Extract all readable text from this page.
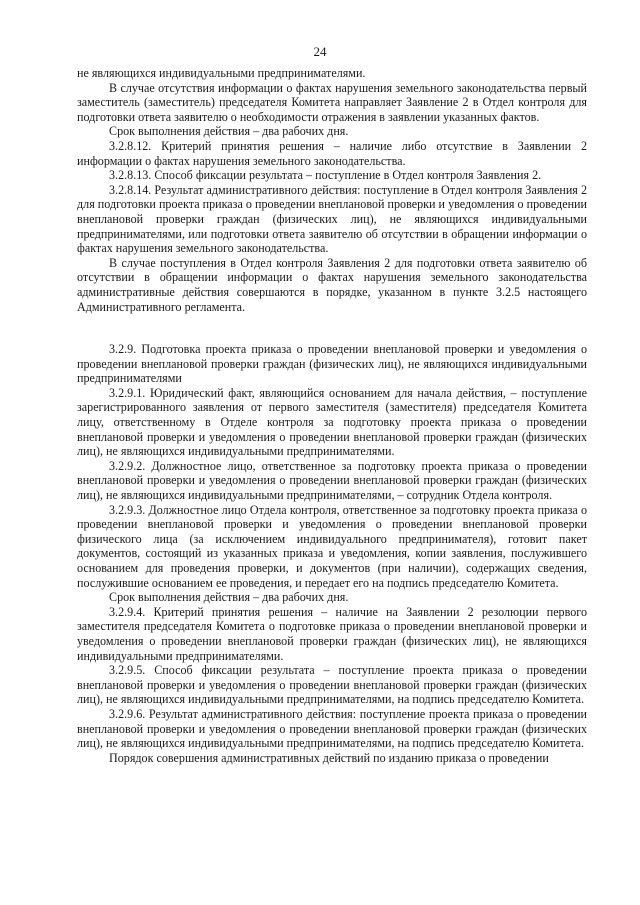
24

не являющихся индивидуальными предпринимателями.

В случае отсутствия информации о фактах нарушения земельного законодательства первый заместитель (заместитель) председателя Комитета направляет Заявление 2 в Отдел контроля для подготовки ответа заявителю о необходимости отражения в заявлении указанных фактов.

Срок выполнения действия – два рабочих дня.

3.2.8.12. Критерий принятия решения – наличие либо отсутствие в Заявлении 2 информации о фактах нарушения земельного законодательства.

3.2.8.13. Способ фиксации результата – поступление в Отдел контроля Заявления 2.

3.2.8.14. Результат административного действия: поступление в Отдел контроля Заявления 2 для подготовки проекта приказа о проведении внеплановой проверки и уведомления о проведении внеплановой проверки граждан (физических лиц), не являющихся индивидуальными предпринимателями, или подготовки ответа заявителю об отсутствии в обращении информации о фактах нарушения земельного законодательства.

В случае поступления в Отдел контроля Заявления 2 для подготовки ответа заявителю об отсутствии в обращении информации о фактах нарушения земельного законодательства административные действия совершаются в порядке, указанном в пункте 3.2.5 настоящего Административного регламента.

3.2.9. Подготовка проекта приказа о проведении внеплановой проверки и уведомления о проведении внеплановой проверки граждан (физических лиц), не являющихся индивидуальными предпринимателями

3.2.9.1. Юридический факт, являющийся основанием для начала действия, – поступление зарегистрированного заявления от первого заместителя (заместителя) председателя Комитета лицу, ответственному в Отделе контроля за подготовку проекта приказа о проведении внеплановой проверки и уведомления о проведении внеплановой проверки граждан (физических лиц), не являющихся индивидуальными предпринимателями.

3.2.9.2. Должностное лицо, ответственное за подготовку проекта приказа о проведении внеплановой проверки и уведомления о проведении внеплановой проверки граждан (физических лиц), не являющихся индивидуальными предпринимателями, – сотрудник Отдела контроля.

3.2.9.3. Должностное лицо Отдела контроля, ответственное за подготовку проекта приказа о проведении внеплановой проверки и уведомления о проведении внеплановой проверки физического лица (за исключением индивидуального предпринимателя), готовит пакет документов, состоящий из указанных приказа и уведомления, копии заявления, послужившего основанием для проведения проверки, и документов (при наличии), содержащих сведения, послужившие основанием ее проведения, и передает его на подпись председателю Комитета.

Срок выполнения действия – два рабочих дня.

3.2.9.4. Критерий принятия решения – наличие на Заявлении 2 резолюции первого заместителя председателя Комитета о подготовке приказа о проведении внеплановой проверки и уведомления о проведении внеплановой проверки граждан (физических лиц), не являющихся индивидуальными предпринимателями.

3.2.9.5. Способ фиксации результата – поступление проекта приказа о проведении внеплановой проверки и уведомления о проведении внеплановой проверки граждан (физических лиц), не являющихся индивидуальными предпринимателями, на подпись председателю Комитета.

3.2.9.6. Результат административного действия: поступление проекта приказа о проведении внеплановой проверки и уведомления о проведении внеплановой проверки граждан (физических лиц), не являющихся индивидуальными предпринимателями, на подпись председателю Комитета.

Порядок совершения административных действий по изданию приказа о проведении
